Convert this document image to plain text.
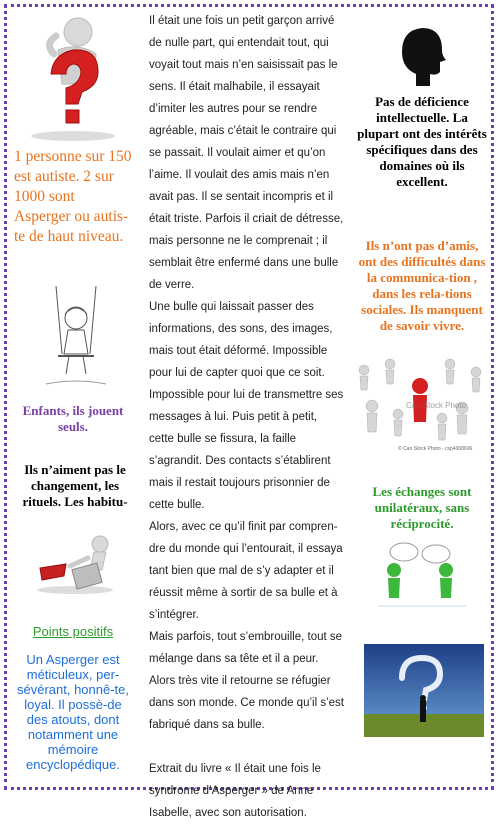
1 personne sur 150 est autiste. 2 sur 1000 sont Asperger ou autis-te de haut niveau.
Enfants, ils jouent seuls.
Ils n’aiment pas le changement, les rituels. Les habitu-
Points positifs
Un Asperger est méticuleux, per-sévérant, honnê-te, loyal. Il possè-de des atouts, dont notamment une mémoire encyclopédique.

Il était une fois un petit garçon arrivé de nulle part, qui entendait tout, qui voyait tout mais n’en saisissait pas le sens. Il était malhabile, il essayait d’imiter les autres pour se rendre agréable, mais c’était le contraire qui se passait. Il voulait aimer et qu’on l’aime. Il voulait des amis mais n’en avait pas. Il se sentait incompris et il était triste. Parfois il criait de détresse, mais personne ne le comprenait ; il semblait être enfermé dans une bulle de verre.

Une bulle qui laissait passer des informations, des sons, des images, mais tout était déformé. Impossible pour lui de capter quoi que ce soit. Impossible pour lui de transmettre ses messages à lui. Puis petit à petit, cette bulle se fissura, la faille s’agrandit. Des contacts s’établirent mais il restait toujours prisonnier de cette bulle.

Alors, avec ce qu’il finit par compren-dre du monde qui l’entourait, il essaya tant bien que mal de s’y adapter et il réussit même à sortir de sa bulle et à s’intégrer.

Mais parfois, tout s’embrouille, tout se mélange dans sa tête et il a peur. Alors très vite il retourne se réfugier dans son monde. Ce monde qu’il s’est fabriqué dans sa bulle.

Extrait du livre « Il était une fois le syndrome d’Asperger » de Anne Isabelle, avec son autorisation.

Pas de déficience intellectuelle. La plupart ont des intérêts spécifiques dans des domaines où ils excellent.
Ils n’ont pas d’amis, ont des difficultés dans la communica-tion , dans les rela-tions sociales. Ils manquent de savoir vivre.
Can Stock Photo
© Can Stock Photo - csp4308606
Les échanges sont unilatéraux, sans réciprocité.
